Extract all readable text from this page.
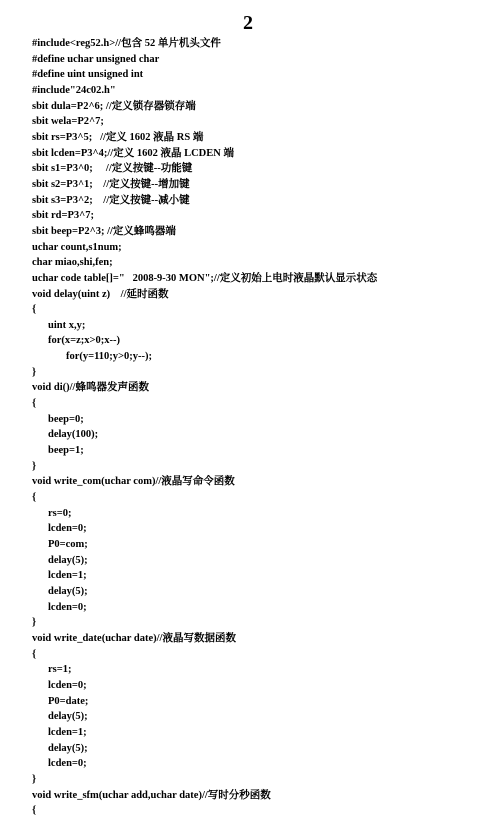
2
#include<reg52.h>//包含 52 单片机头文件
#define uchar unsigned char
#define uint unsigned int
#include"24c02.h"
sbit dula=P2^6; //定义锁存器锁存端
sbit wela=P2^7;
sbit rs=P3^5;   //定义 1602 液晶 RS 端
sbit lcden=P3^4;//定义 1602 液晶 LCDEN 端
sbit s1=P3^0;     //定义按键--功能键
sbit s2=P3^1;    //定义按键--增加键
sbit s3=P3^2;    //定义按键--减小键
sbit rd=P3^7;
sbit beep=P2^3; //定义蜂鸣器端
uchar count,s1num;
char miao,shi,fen;
uchar code table[]="   2008-9-30 MON";//定义初始上电时液晶默认显示状态
void delay(uint z)    //延时函数
{
uint x,y;
for(x=z;x>0;x--)
for(y=110;y>0;y--);
}
void di()//蜂鸣器发声函数
{
beep=0;
delay(100);
beep=1;
}
void write_com(uchar com)//液晶写命令函数
{
rs=0;
lcden=0;
P0=com;
delay(5);
lcden=1;
delay(5);
lcden=0;
}
void write_date(uchar date)//液晶写数据函数
{
rs=1;
lcden=0;
P0=date;
delay(5);
lcden=1;
delay(5);
lcden=0;
}
void write_sfm(uchar add,uchar date)//写时分秒函数
{
